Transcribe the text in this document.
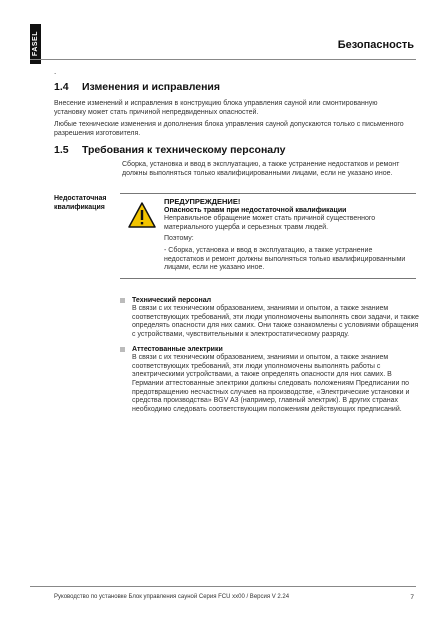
FASEL	Безопасность
.
1.4 Изменения и исправления
Внесение изменений и исправления в конструкцию блока управления сауной или смонтированную установку может стать причиной непредвиденных опасностей.
Любые технические изменения и дополнения блока управления сауной допускаются только с письменного разрешения изготовителя.
1.5 Требования к техническому персоналу
Сборка, установка и ввод в эксплуатацию, а также устранение недостатков и ремонт должны выполняться только квалифицированными лицами, если не указано иное.
Недостаточная квалификация

ПРЕДУПРЕЖДЕНИЕ!

Опасность травм при недостаточной квалификации

Неправильное обращение может стать причиной существенного материального ущерба и серьезных травм людей.

Поэтому:

- Сборка, установка и ввод в эксплуатацию, а также устранение недостатков и ремонт должны выполняться только квалифицированными лицами, если не указано иное.

Технический персонал
В связи с их техническим образованием, знаниями и опытом, а также знанием соответствующих требований, эти люди уполномочены выполнять свои задачи, и также определять опасности для них самих. Они также ознакомлены с условиями обращения с устройствами, чувствительными к электростатическому разряду.
Аттестованные электрики
В связи с их техническим образованием, знаниями и опытом, а также знанием соответствующих требований, эти люди уполномочены выполнять работы с электрическими устройствами, а также определять опасности для них самих. В Германии аттестованные электрики должны следовать положениям Предписании по предотвращению несчастных случаев на производстве, «Электрические установки и средства производства» BGV A3 (например, главный электрик). В других странах необходимо следовать соответствующим положениям действующих предписаний.
Руководство по установке Блок управления сауной Серия FCU xx00 / Версия V 2.24	7
